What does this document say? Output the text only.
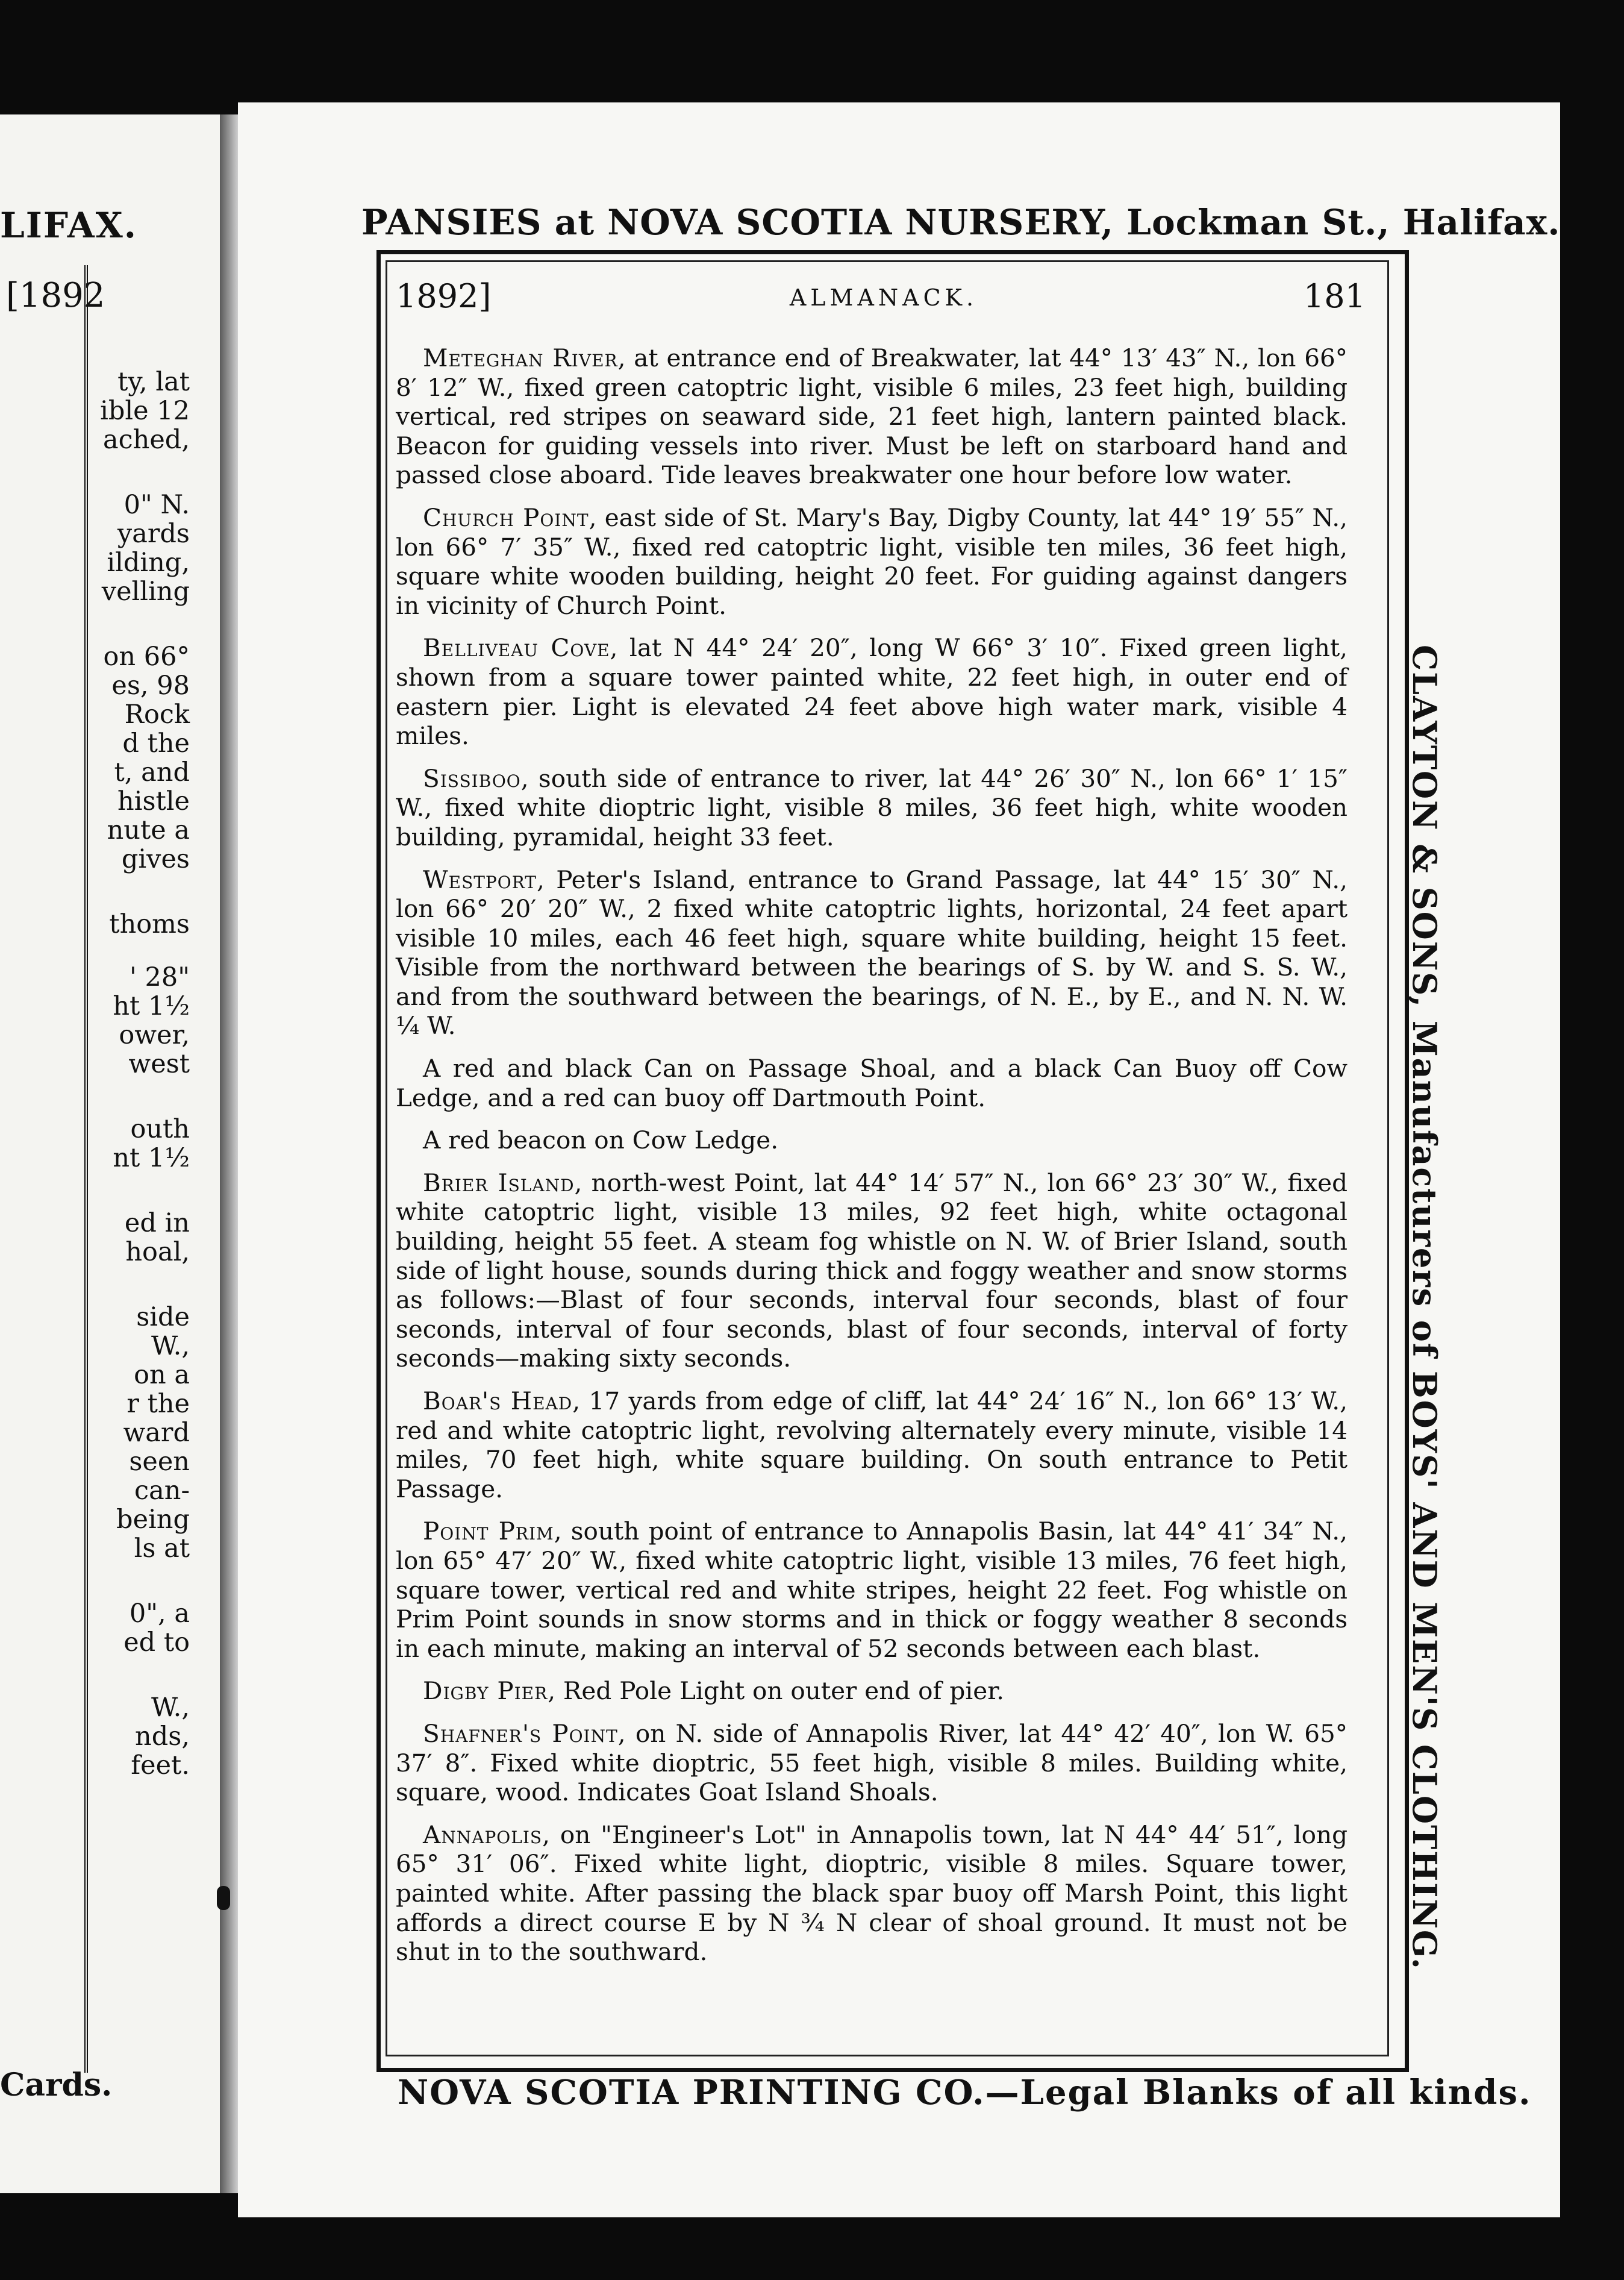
LIFAX.
[1892
ty, lat
ible 12
ached,
0" N.
yards
ilding,
velling
on 66°
es, 98
Rock
d the
t, and
histle
nute a
gives
thoms
' 28"
ht 1½
ower,
west
outh
nt 1½
ed in
hoal,
side
W.,
on a
r the
ward
seen
can-
being
ls at
0", a
ed to
W.,
nds,
feet.
Cards.
PANSIES at NOVA SCOTIA NURSERY, Lockman St., Halifax.
1892]	ALMANACK.	181

Meteghan River, at entrance end of Breakwater, lat 44° 13′ 43″ N., lon 66° 8′ 12″ W., fixed green catoptric light, visible 6 miles, 23 feet high, building vertical, red stripes on seaward side, 21 feet high, lantern painted black. Beacon for guiding vessels into river. Must be left on starboard hand and passed close aboard. Tide leaves breakwater one hour before low water.

Church Point, east side of St. Mary's Bay, Digby County, lat 44° 19′ 55″ N., lon 66° 7′ 35″ W., fixed red catoptric light, visible ten miles, 36 feet high, square white wooden building, height 20 feet. For guiding against dangers in vicinity of Church Point.

Belliveau Cove, lat N 44° 24′ 20″, long W 66° 3′ 10″. Fixed green light, shown from a square tower painted white, 22 feet high, in outer end of eastern pier. Light is elevated 24 feet above high water mark, visible 4 miles.

Sissiboo, south side of entrance to river, lat 44° 26′ 30″ N., lon 66° 1′ 15″ W., fixed white dioptric light, visible 8 miles, 36 feet high, white wooden building, pyramidal, height 33 feet.

Westport, Peter's Island, entrance to Grand Passage, lat 44° 15′ 30″ N., lon 66° 20′ 20″ W., 2 fixed white catoptric lights, horizontal, 24 feet apart visible 10 miles, each 46 feet high, square white building, height 15 feet. Visible from the northward between the bearings of S. by W. and S. S. W., and from the southward between the bearings, of N. E., by E., and N. N. W. ¼ W.

A red and black Can on Passage Shoal, and a black Can Buoy off Cow Ledge, and a red can buoy off Dartmouth Point.

A red beacon on Cow Ledge.

Brier Island, north-west Point, lat 44° 14′ 57″ N., lon 66° 23′ 30″ W., fixed white catoptric light, visible 13 miles, 92 feet high, white octagonal building, height 55 feet. A steam fog whistle on N. W. of Brier Island, south side of light house, sounds during thick and foggy weather and snow storms as follows:—Blast of four seconds, interval four seconds, blast of four seconds, interval of four seconds, blast of four seconds, interval of forty seconds—making sixty seconds.

Boar's Head, 17 yards from edge of cliff, lat 44° 24′ 16″ N., lon 66° 13′ W., red and white catoptric light, revolving alternately every minute, visible 14 miles, 70 feet high, white square building. On south entrance to Petit Passage.

Point Prim, south point of entrance to Annapolis Basin, lat 44° 41′ 34″ N., lon 65° 47′ 20″ W., fixed white catoptric light, visible 13 miles, 76 feet high, square tower, vertical red and white stripes, height 22 feet. Fog whistle on Prim Point sounds in snow storms and in thick or foggy weather 8 seconds in each minute, making an interval of 52 seconds between each blast.

Digby Pier, Red Pole Light on outer end of pier.

Shafner's Point, on N. side of Annapolis River, lat 44° 42′ 40″, lon W. 65° 37′ 8″. Fixed white dioptric, 55 feet high, visible 8 miles. Building white, square, wood. Indicates Goat Island Shoals.

Annapolis, on "Engineer's Lot" in Annapolis town, lat N 44° 44′ 51″, long 65° 31′ 06″. Fixed white light, dioptric, visible 8 miles. Square tower, painted white. After passing the black spar buoy off Marsh Point, this light affords a direct course E by N ¾ N clear of shoal ground. It must not be shut in to the southward.	CLAYTON & SONS, Manufacturers of BOYS' AND MEN'S CLOTHING.
NOVA SCOTIA PRINTING CO.—Legal Blanks of all kinds.
